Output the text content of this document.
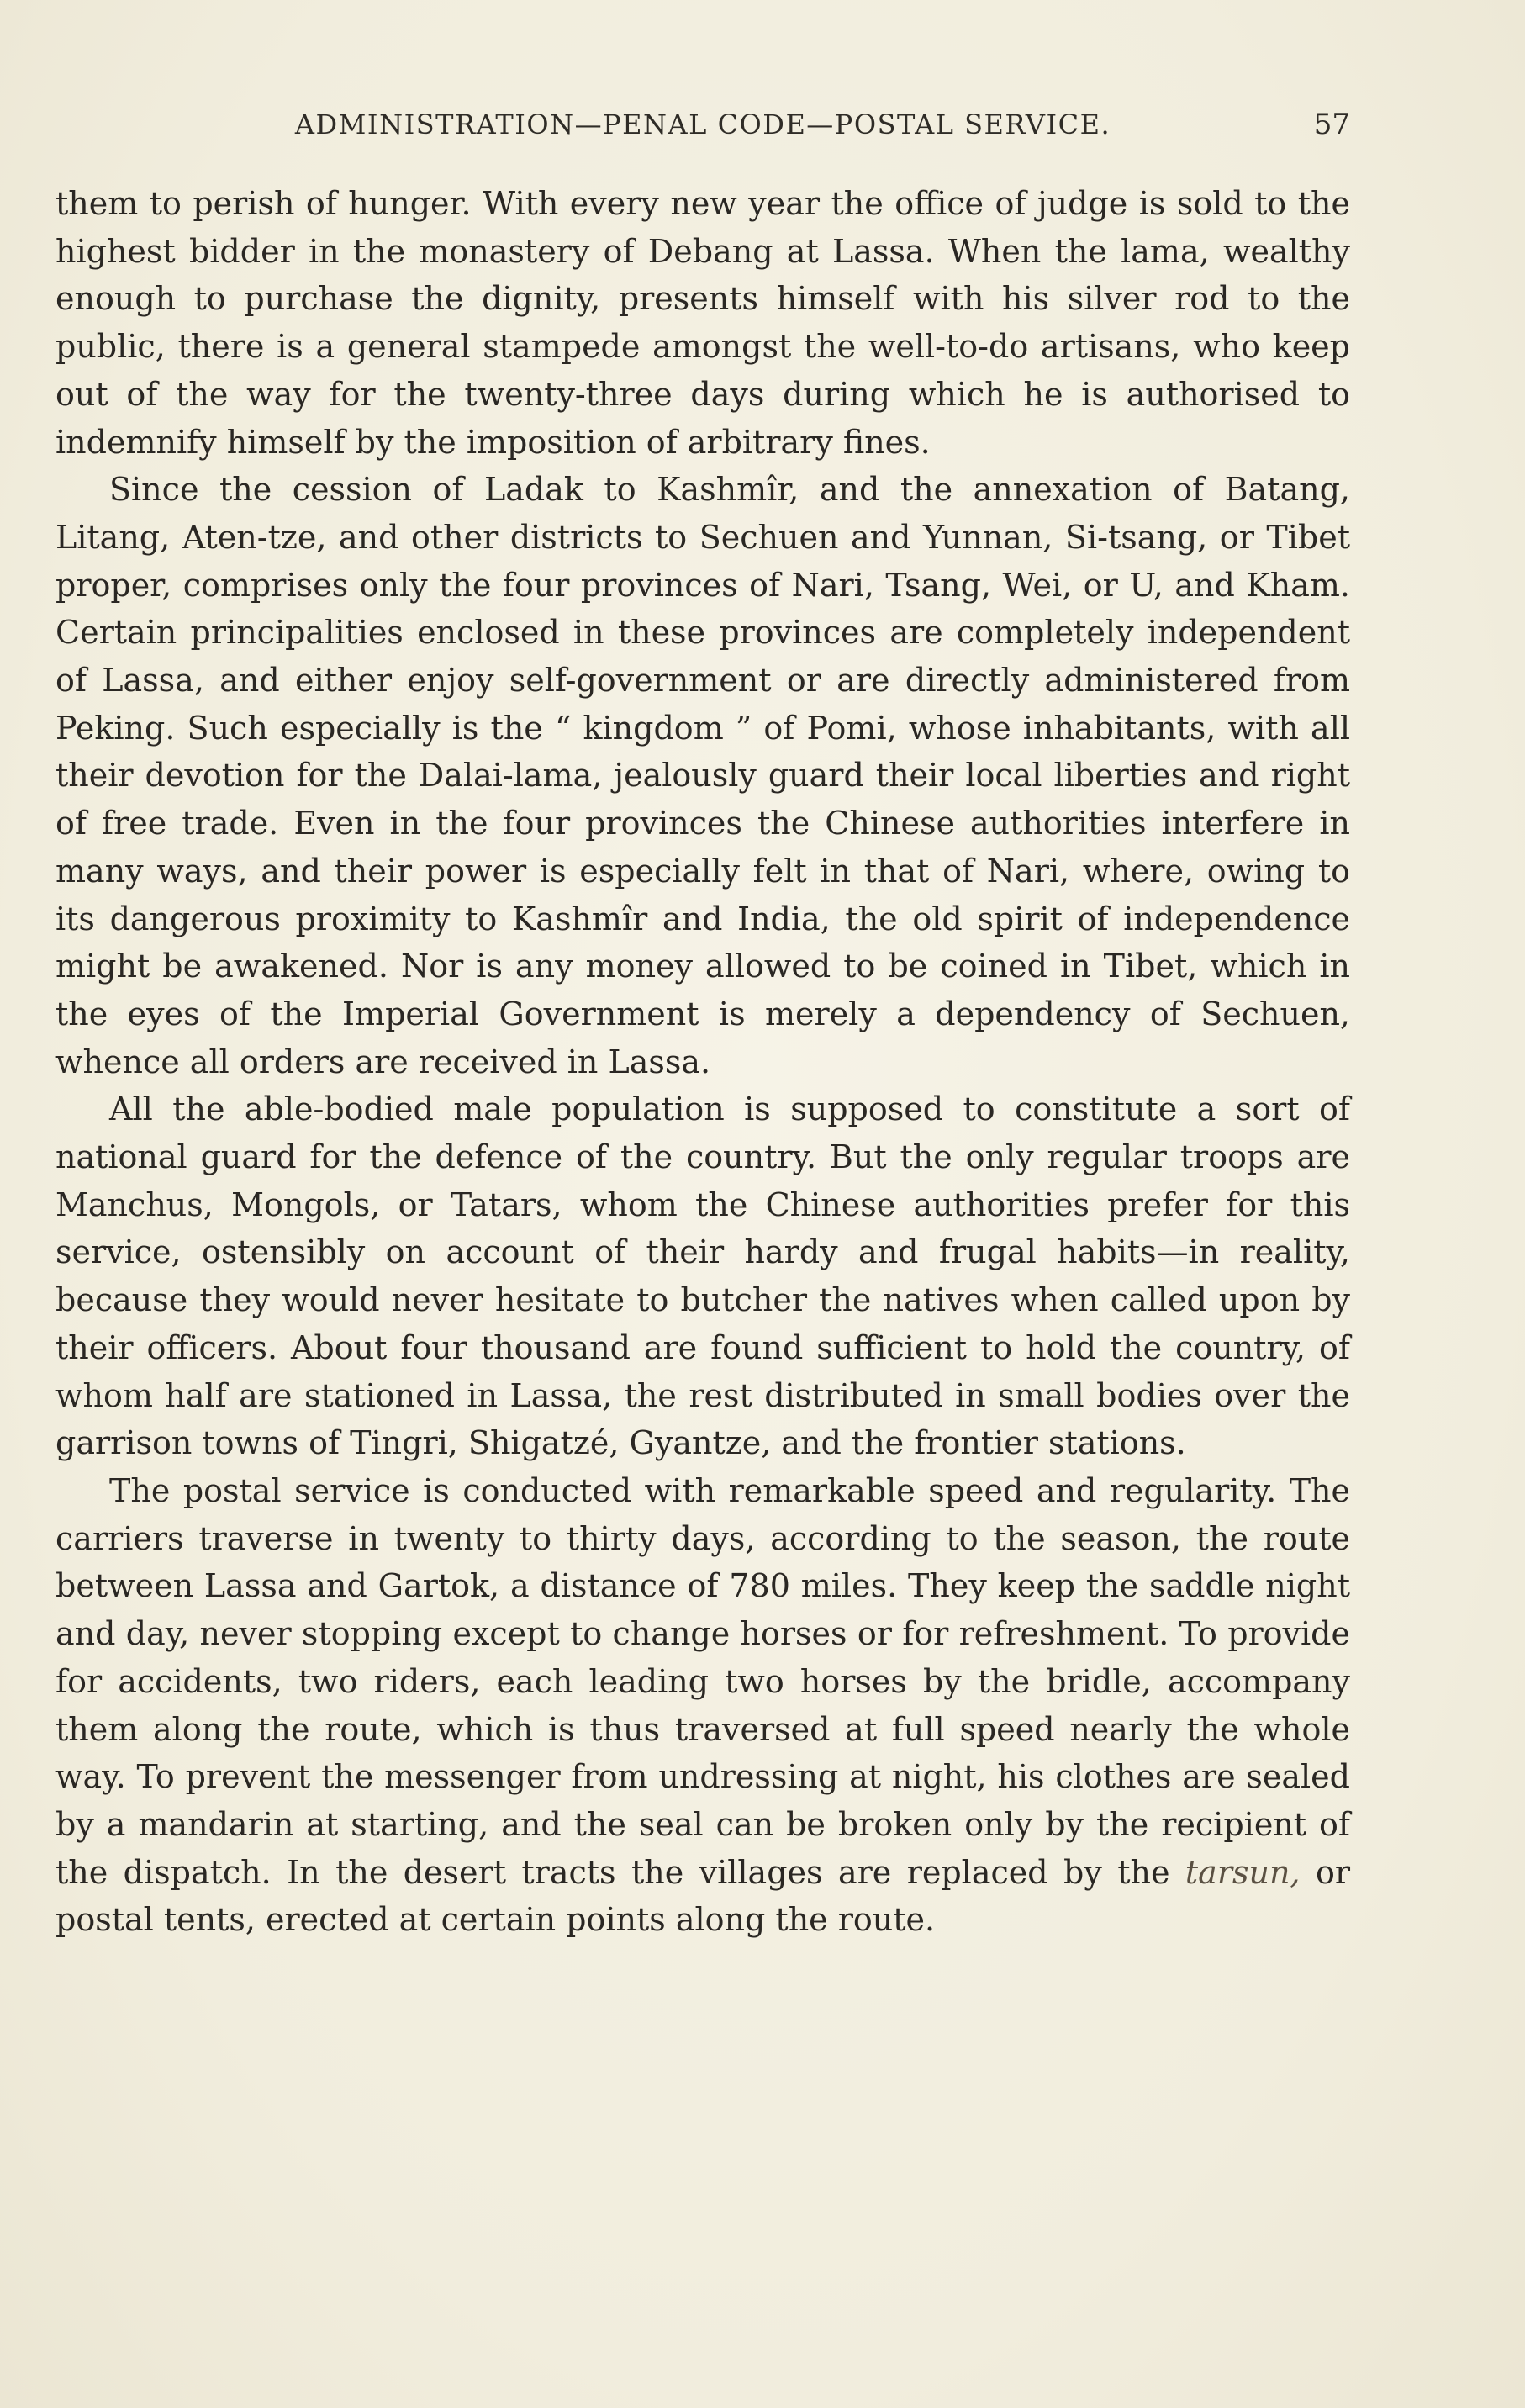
ADMINISTRATION—PENAL CODE—POSTAL SERVICE.	57

them to perish of hunger. With every new year the office of judge is sold to the highest bidder in the monastery of Debang at Lassa. When the lama, wealthy enough to purchase the dignity, presents himself with his silver rod to the public, there is a general stampede amongst the well-to-do artisans, who keep out of the way for the twenty-three days during which he is authorised to indemnify himself by the imposition of arbitrary fines.

Since the cession of Ladak to Kashmîr, and the annexation of Batang, Litang, Aten-tze, and other districts to Sechuen and Yunnan, Si-tsang, or Tibet proper, comprises only the four provinces of Nari, Tsang, Wei, or U, and Kham. Certain principalities enclosed in these provinces are completely independent of Lassa, and either enjoy self-government or are directly administered from Peking. Such especially is the “ kingdom ” of Pomi, whose inhabitants, with all their devotion for the Dalai-lama, jealously guard their local liberties and right of free trade. Even in the four provinces the Chinese authorities interfere in many ways, and their power is especially felt in that of Nari, where, owing to its dangerous proximity to Kashmîr and India, the old spirit of independence might be awakened. Nor is any money allowed to be coined in Tibet, which in the eyes of the Imperial Government is merely a dependency of Sechuen, whence all orders are received in Lassa.

All the able-bodied male population is supposed to constitute a sort of national guard for the defence of the country. But the only regular troops are Manchus, Mongols, or Tatars, whom the Chinese authorities prefer for this service, ostensibly on account of their hardy and frugal habits—in reality, because they would never hesitate to butcher the natives when called upon by their officers. About four thousand are found sufficient to hold the country, of whom half are stationed in Lassa, the rest distributed in small bodies over the garrison towns of Tingri, Shigatzé, Gyantze, and the frontier stations.

The postal service is conducted with remarkable speed and regularity. The carriers traverse in twenty to thirty days, according to the season, the route between Lassa and Gartok, a distance of 780 miles. They keep the saddle night and day, never stopping except to change horses or for refreshment. To provide for accidents, two riders, each leading two horses by the bridle, accompany them along the route, which is thus traversed at full speed nearly the whole way. To prevent the messenger from undressing at night, his clothes are sealed by a mandarin at starting, and the seal can be broken only by the recipient of the dispatch. In the desert tracts the villages are replaced by the tarsun, or postal tents, erected at certain points along the route.
